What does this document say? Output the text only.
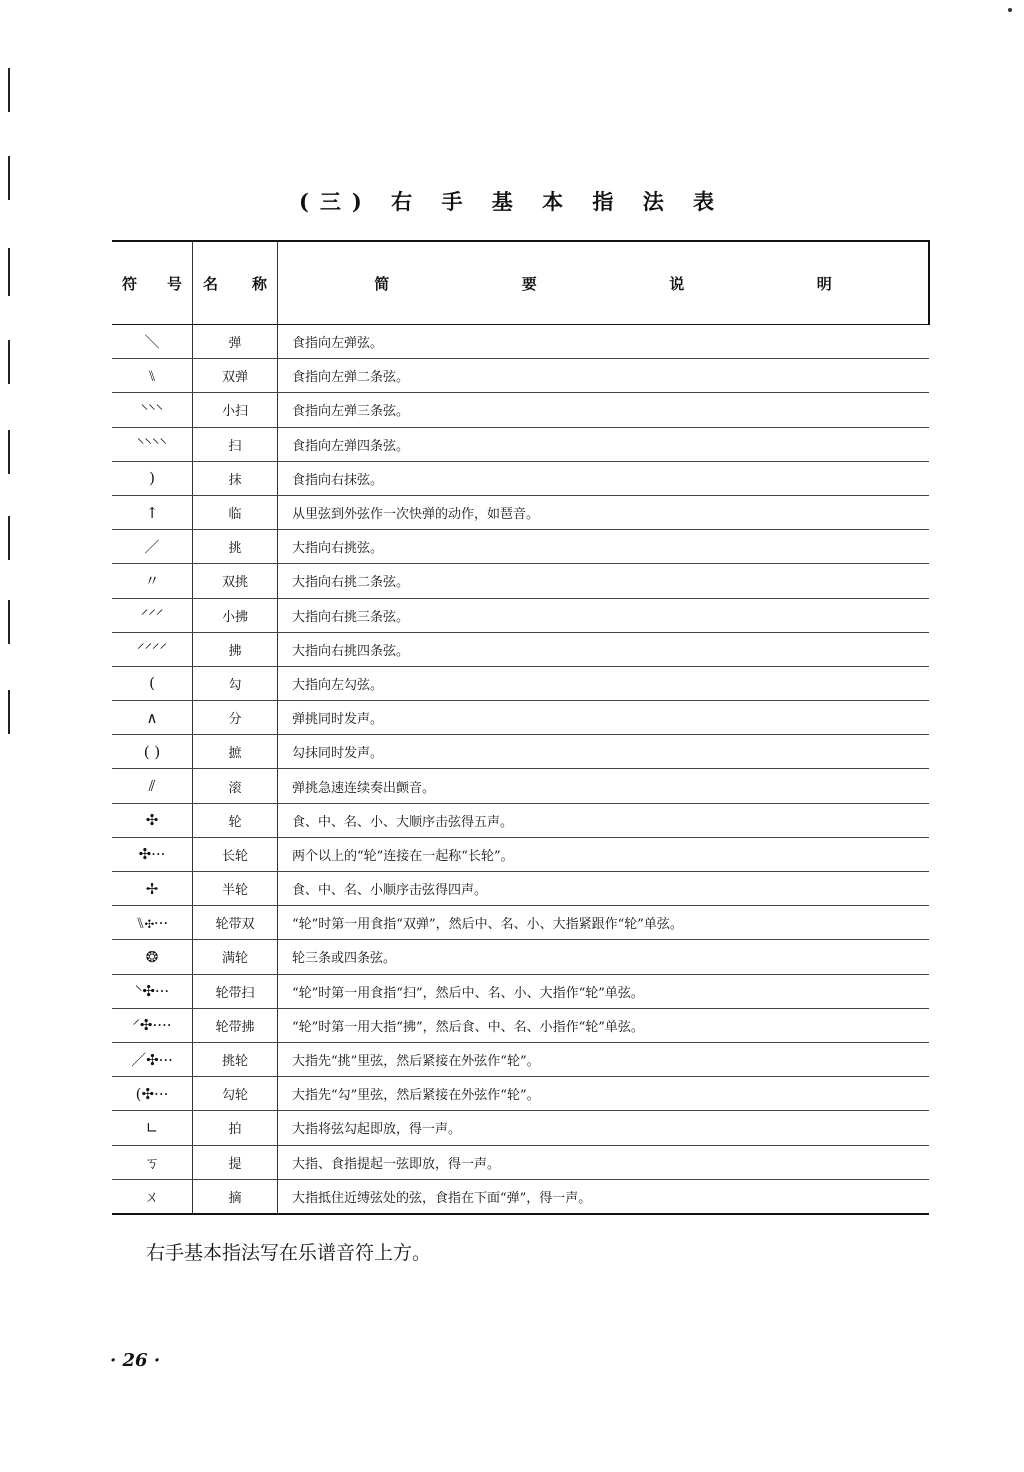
(三) 右 手 基 本 指 法 表
符 号	名 称	简 要 说 明

＼	弹	食指向左弹弦。
⑊	双弹	食指向左弹二条弦。
⸌⸌⸌	小扫	食指向左弹三条弦。
⸌⸌⸌⸌	扫	食指向左弹四条弦。
)	抹	食指向右抹弦。
↑	临	从里弦到外弦作一次快弹的动作，如琶音。
／	挑	大指向右挑弦。
〃	双挑	大指向右挑二条弦。
⸍⸍⸍	小拂	大指向右挑三条弦。
⸍⸍⸍⸍	拂	大指向右挑四条弦。
(	勾	大指向左勾弦。
∧	分	弹挑同时发声。
( )	摭	勾抹同时发声。
⫽	滚	弹挑急速连续奏出颤音。
✣	轮	食、中、名、小、大顺序击弦得五声。
✣···	长轮	两个以上的“轮”连接在一起称“长轮”。
✢	半轮	食、中、名、小顺序击弦得四声。
⑊✣···	轮带双	“轮”时第一用食指“双弹”，然后中、名、小、大指紧跟作“轮”单弦。
❂	满轮	轮三条或四条弦。
⸌✣···	轮带扫	“轮”时第一用食指“扫”，然后中、名、小、大指作“轮”单弦。
⸍✣····	轮带拂	“轮”时第一用大指“拂”，然后食、中、名、小指作“轮”单弦。
／✣···	挑轮	大指先“挑”里弦，然后紧接在外弦作“轮”。
(✣···	勾轮	大指先“勾”里弦，然后紧接在外弦作“轮”。
∟	拍	大指将弦勾起即放，得一声。
ㄎ	提	大指、食指提起一弦即放，得一声。
ㄨ	摘	大指抵住近缚弦处的弦，食指在下面“弹”，得一声。
右手基本指法写在乐谱音符上方。
· 26 ·
